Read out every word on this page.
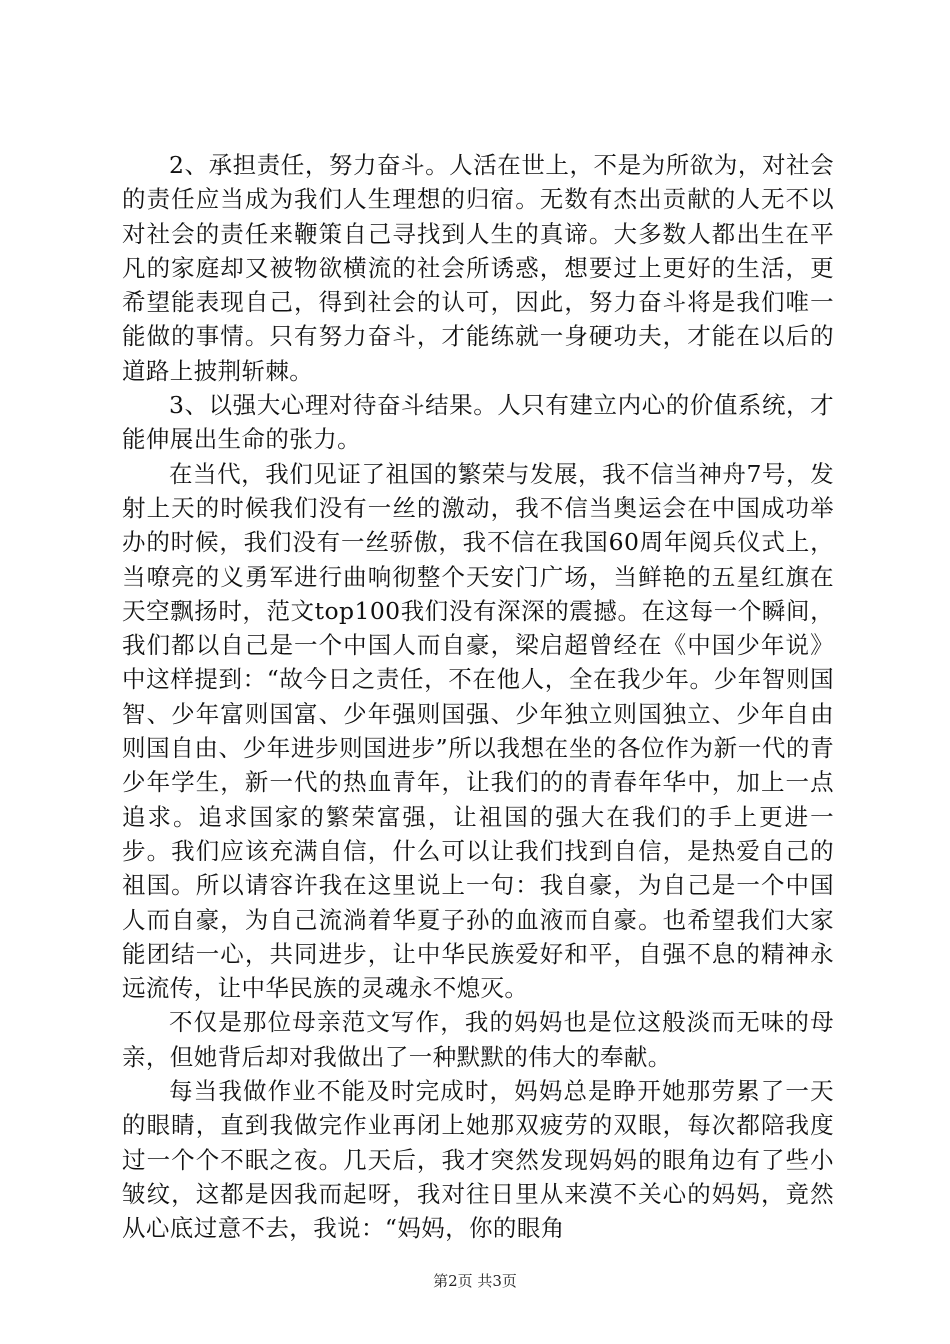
2、承担责任，努力奋斗。人活在世上，不是为所欲为，对社会的责任应当成为我们人生理想的归宿。无数有杰出贡献的人无不以对社会的责任来鞭策自己寻找到人生的真谛。大多数人都出生在平凡的家庭却又被物欲横流的社会所诱惑，想要过上更好的生活，更希望能表现自己，得到社会的认可，因此，努力奋斗将是我们唯一能做的事情。只有努力奋斗，才能练就一身硬功夫，才能在以后的道路上披荆斩棘。

3、以强大心理对待奋斗结果。人只有建立内心的价值系统，才能伸展出生命的张力。

在当代，我们见证了祖国的繁荣与发展，我不信当神舟7号，发射上天的时候我们没有一丝的激动，我不信当奥运会在中国成功举办的时候，我们没有一丝骄傲，我不信在我国60周年阅兵仪式上，当嘹亮的义勇军进行曲响彻整个天安门广场，当鲜艳的五星红旗在天空飘扬时，范文top100我们没有深深的震撼。在这每一个瞬间，我们都以自己是一个中国人而自豪，梁启超曾经在《中国少年说》中这样提到：“故今日之责任，不在他人，全在我少年。少年智则国智、少年富则国富、少年强则国强、少年独立则国独立、少年自由则国自由、少年进步则国进步”所以我想在坐的各位作为新一代的青少年学生，新一代的热血青年，让我们的的青春年华中，加上一点追求。追求国家的繁荣富强，让祖国的强大在我们的手上更进一步。我们应该充满自信，什么可以让我们找到自信，是热爱自己的祖国。所以请容许我在这里说上一句：我自豪，为自己是一个中国人而自豪，为自己流淌着华夏子孙的血液而自豪。也希望我们大家能团结一心，共同进步，让中华民族爱好和平，自强不息的精神永远流传，让中华民族的灵魂永不熄灭。

不仅是那位母亲范文写作，我的妈妈也是位这般淡而无味的母亲，但她背后却对我做出了一种默默的伟大的奉献。

每当我做作业不能及时完成时，妈妈总是睁开她那劳累了一天的眼睛，直到我做完作业再闭上她那双疲劳的双眼，每次都陪我度过一个个不眠之夜。几天后，我才突然发现妈妈的眼角边有了些小皱纹，这都是因我而起呀，我对往日里从来漠不关心的妈妈，竟然从心底过意不去，我说：“妈妈，你的眼角

第2页 共3页
